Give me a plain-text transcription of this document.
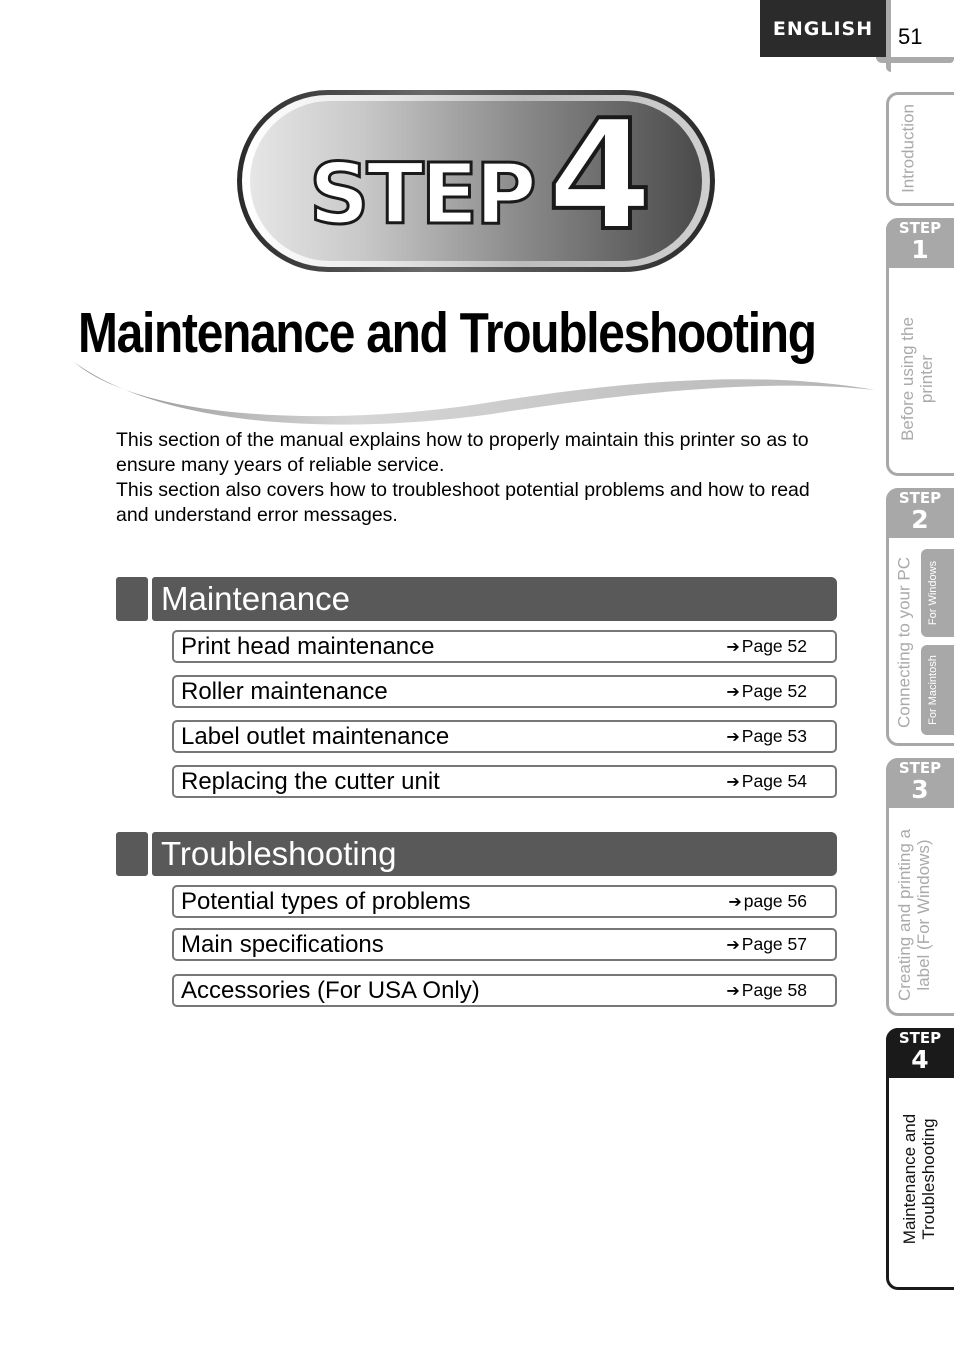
ENGLISH	51
STEP 4
Maintenance and Troubleshooting

This section of the manual explains how to properly maintain this printer so as to ensure many years of reliable service.

This section also covers how to troubleshoot potential problems and how to read and understand error messages.

Maintenance
Print head maintenance	➔ Page 52
Roller maintenance	➔ Page 52
Label outlet maintenance	➔ Page 53
Replacing the cutter unit	➔ Page 54
Troubleshooting
Potential types of problems	➔ page 56
Main specifications	➔ Page 57
Accessories (For USA Only)	➔ Page 58
Introduction
STEP
1
Before using the printer
STEP
2
Connecting to your PC For Windows
For Macintosh
STEP
3
Creating and printing a label (For Windows)
STEP
4
Maintenance and Troubleshooting
